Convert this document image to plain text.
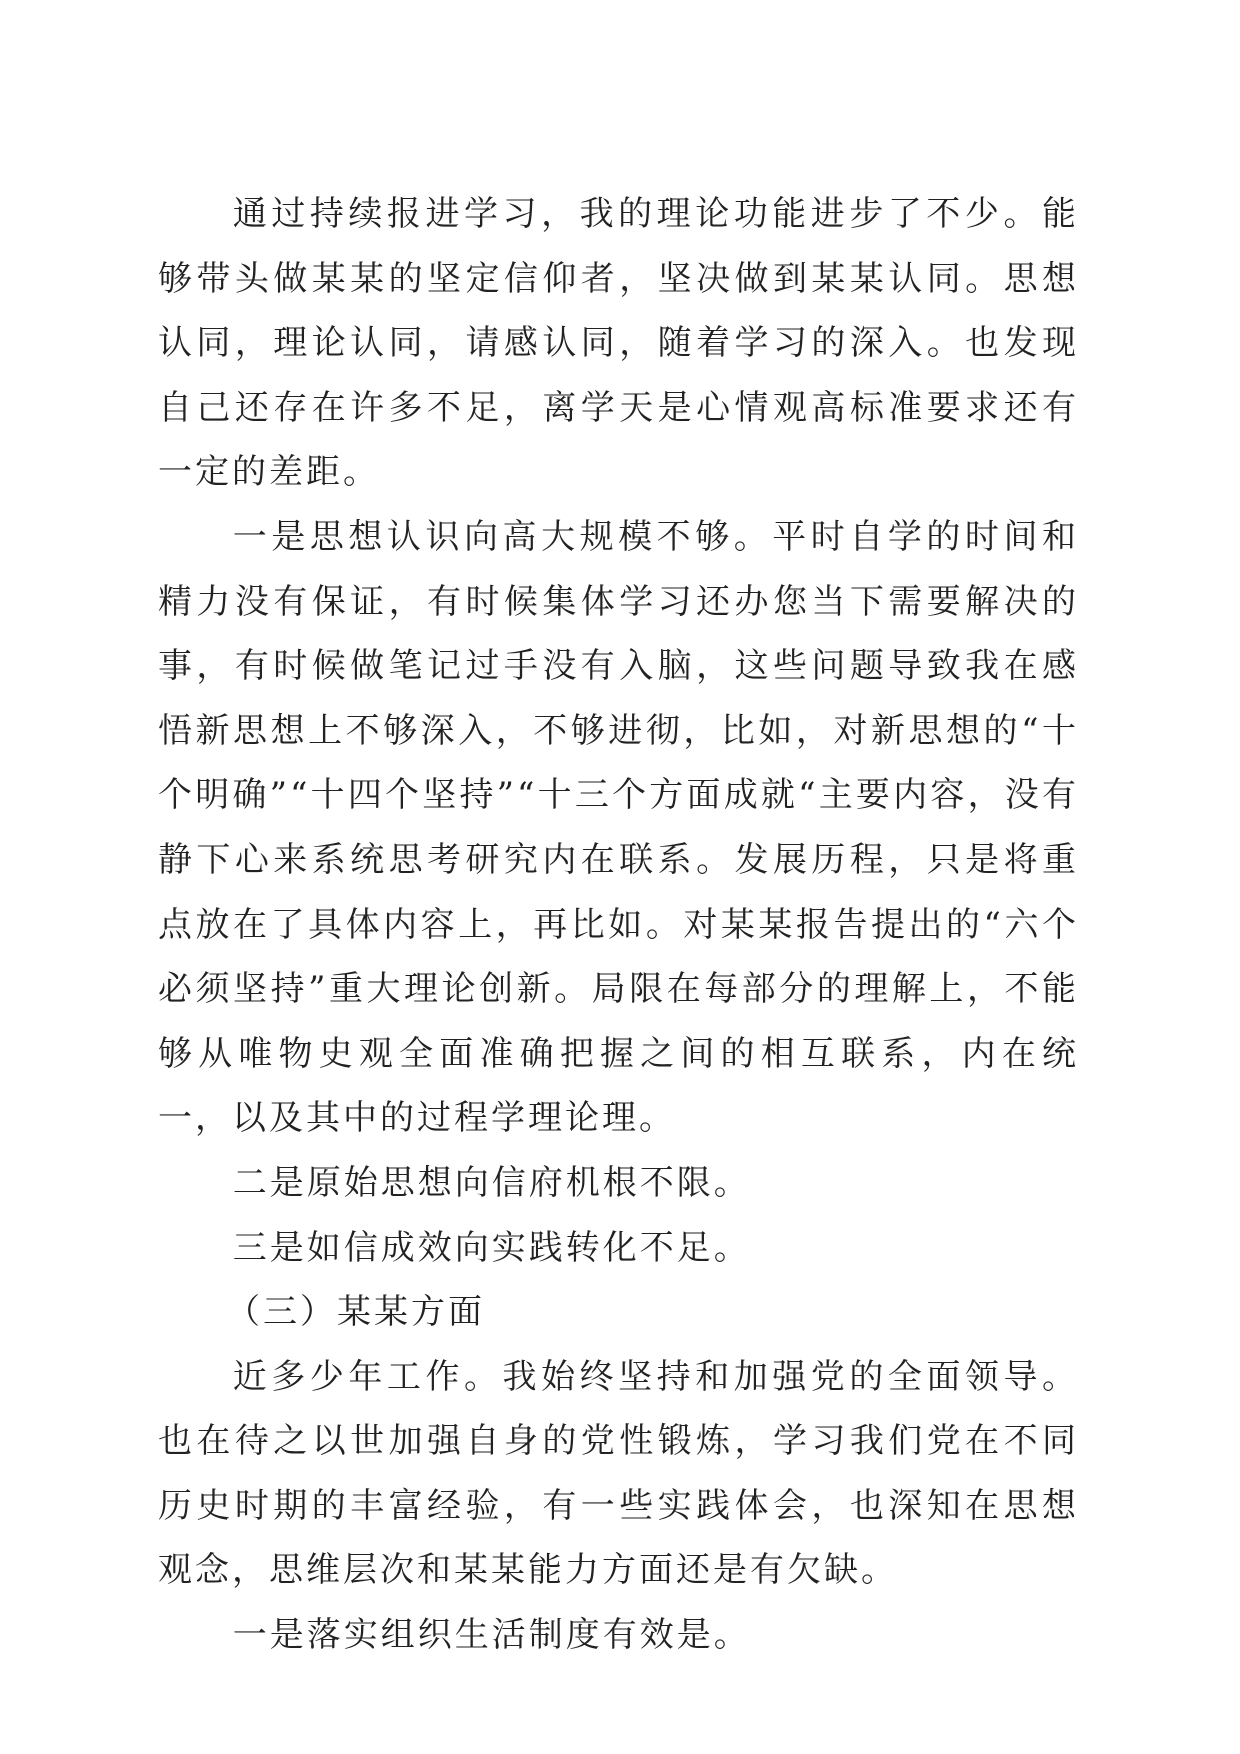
通过持续报进学习，我的理论功能进步了不少。能够带头做某某的坚定信仰者，坚决做到某某认同。思想认同，理论认同，请感认同，随着学习的深入。也发现自己还存在许多不足，离学天是心情观高标准要求还有一定的差距。

一是思想认识向高大规模不够。平时自学的时间和精力没有保证，有时候集体学习还办您当下需要解决的事，有时候做笔记过手没有入脑，这些问题导致我在感悟新思想上不够深入，不够进彻，比如，对新思想的“十个明确”“十四个坚持”“十三个方面成就“主要内容，没有静下心来系统思考研究内在联系。发展历程，只是将重点放在了具体内容上，再比如。对某某报告提出的“六个必须坚持”重大理论创新。局限在每部分的理解上，不能够从唯物史观全面准确把握之间的相互联系，内在统一，以及其中的过程学理论理。

二是原始思想向信府机根不限。

三是如信成效向实践转化不足。

（三）某某方面

近多少年工作。我始终坚持和加强党的全面领导。也在待之以世加强自身的党性锻炼，学习我们党在不同历史时期的丰富经验，有一些实践体会，也深知在思想观念，思维层次和某某能力方面还是有欠缺。

一是落实组织生活制度有效是。
